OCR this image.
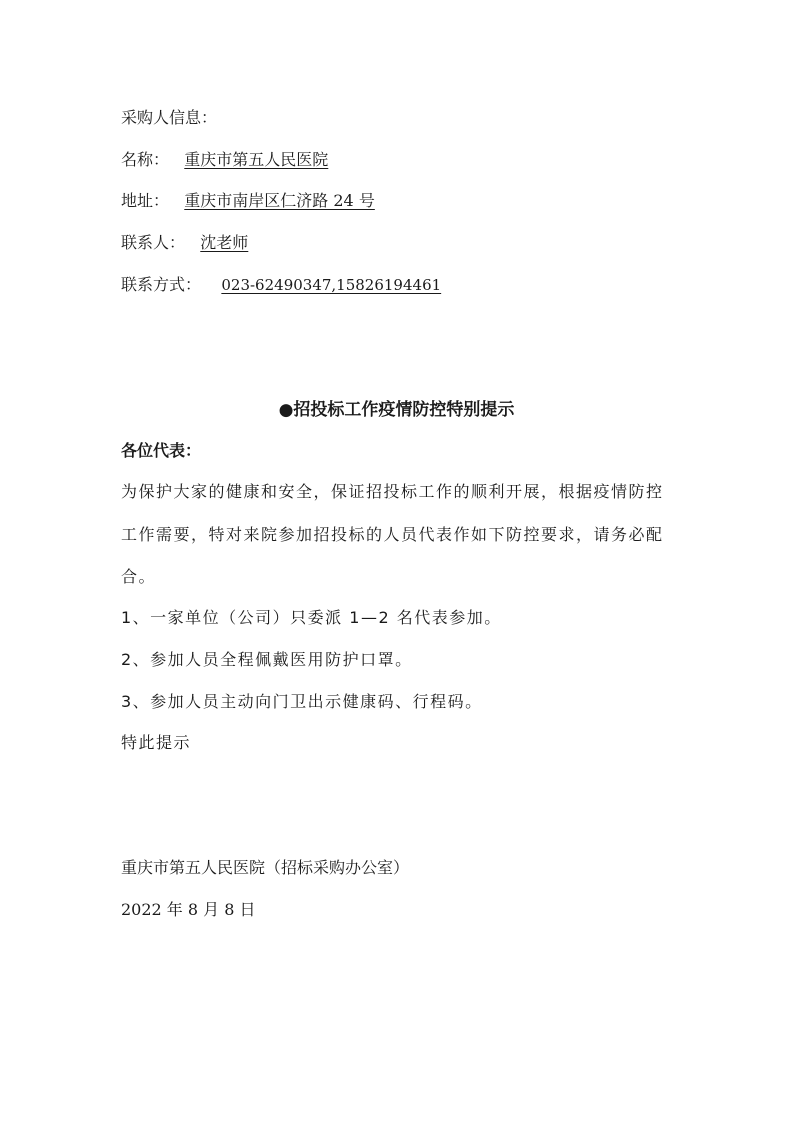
采购人信息：
名称： 重庆市第五人民医院
地址： 重庆市南岸区仁济路 24 号
联系人： 沈老师
联系方式： 023-62490347,15826194461
●招投标工作疫情防控特别提示
各位代表：
为保护大家的健康和安全，保证招投标工作的顺利开展，根据疫情防控
工作需要，特对来院参加招投标的人员代表作如下防控要求，请务必配
合。
1、一家单位（公司）只委派 1—2 名代表参加。
2、参加人员全程佩戴医用防护口罩。
3、参加人员主动向门卫出示健康码、行程码。
特此提示
重庆市第五人民医院（招标采购办公室）
2022 年 8 月 8 日
